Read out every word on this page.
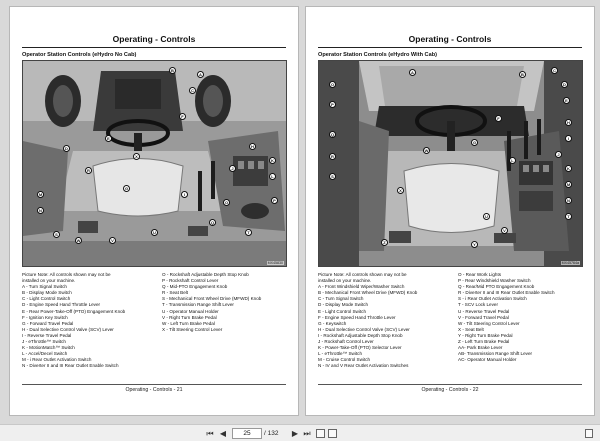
Operating - Controls
Operator Station Controls (eHydro No Cab)
A
B
C
D
E
F
G
H
I
J
K
L
M
N
O	P
Q
R
S	T
U
V
W
X
MX45830
Picture Note: All controls shown may not be
installed on your machine.
A - Turn Signal Switch
B - Display Mode Switch
C - Light Control Switch
D - Engine Speed Hand Throttle Lever
E - Rear Power-Take-Off (PTO) Engagement Knob
F - Ignition Key Switch
G - Forward Travel Pedal
H - Dual Selective Control Valve (SCV) Lever
I - Reverse Travel Pedal
J - eThrottle™ Switch
K - MotionMatch™ Switch
L - Accel/Decel Switch
M - i Rear Outlet Activation Switch
N - Diverter II and III Rear Outlet Enable Switch
O - Rockshaft Adjustable Depth Stop Knob
P - Rockshaft Control Lever
Q - Mid-PTO Engagement Knob
R - Seat Belt
S - Mechanical Front Wheel Drive (MFWD) Knob
T - Transmission Range Shift Lever
U - Operator Manual Holder
V - Right Turn Brake Pedal
W - Left Turn Brake Pedal
X - Tilt Steering Control Lever
Operating - Controls - 21
Operating - Controls
Operator Station Controls (eHydro With Cab)
A	B
C
D
E
F
G
H
I
J
K
L
M
N
O
P
Q
R
S
T
U
V
W
X
Y
Z
MX45764a
Picture Note: All controls shown may not be
installed on your machine.
A - Front Windshield Wiper/Washer Switch
B - Mechanical Front Wheel Drive (MFWD) Knob
C - Turn Signal Switch
D - Display Mode Switch
E - Light Control Switch
F - Engine Speed Hand Throttle Lever
G - Keyswitch
H - Dual Selective Control Valve (SCV) Lever
I - Rockshaft Adjustable Depth Stop Knob
J - Rockshaft Control Lever
K - Power-Take-Off (PTO) Selector Lever
L - eThrottle™ Switch
M - Cruise Control Switch
N - IV and V Rear Outlet Activation Switches
O - Rear Work Lights
P - Rear Windshield Washer Switch
Q - Rear/Mid PTO Engagement Knob
R - Diverter II and III Rear Outlet Enable Switch
S - i Rear Outlet Activation Switch
T - SCV Lock Lever
U - Reverse Travel Pedal
V - Forward Travel Pedal
W - Tilt Steering Control Lever
X - Seat Belt
Y - Right Turn Brake Pedal
Z - Left Turn Brake Pedal
AA- Park Brake Lever
AB- Transmission Range Shift Lever
AC- Operator Manual Holder
Operating - Controls - 22
⏮ ◀	25	/ 132 ▶ ⏭
